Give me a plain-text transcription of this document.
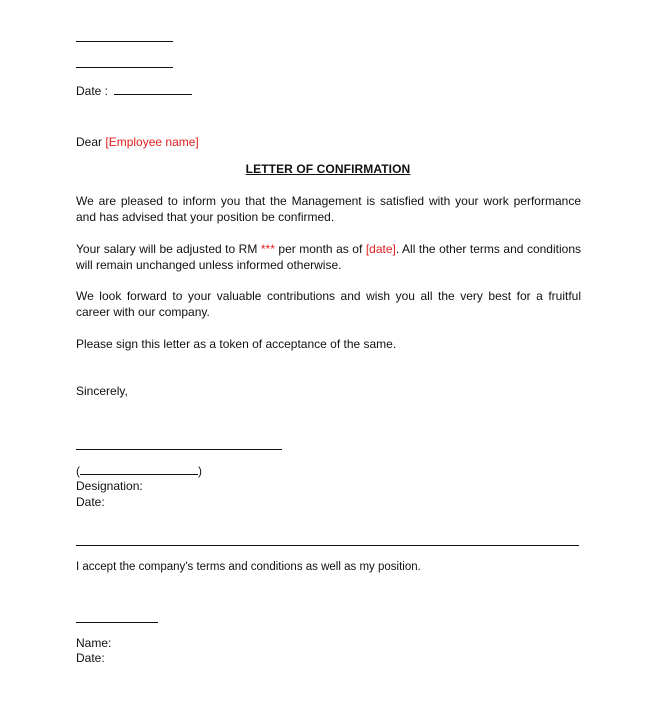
Date :
Dear [Employee name]
LETTER OF CONFIRMATION
We are pleased to inform you that the Management is satisfied with your work performance and has advised that your position be confirmed.
Your salary will be adjusted to RM *** per month as of [date]. All the other terms and conditions will remain unchanged unless informed otherwise.
We look forward to your valuable contributions and wish you all the very best for a fruitful career with our company.
Please sign this letter as a token of acceptance of the same.
Sincerely,
(	)
Designation:
Date:
I accept the company's terms and conditions as well as my position.
Name:
Date:
